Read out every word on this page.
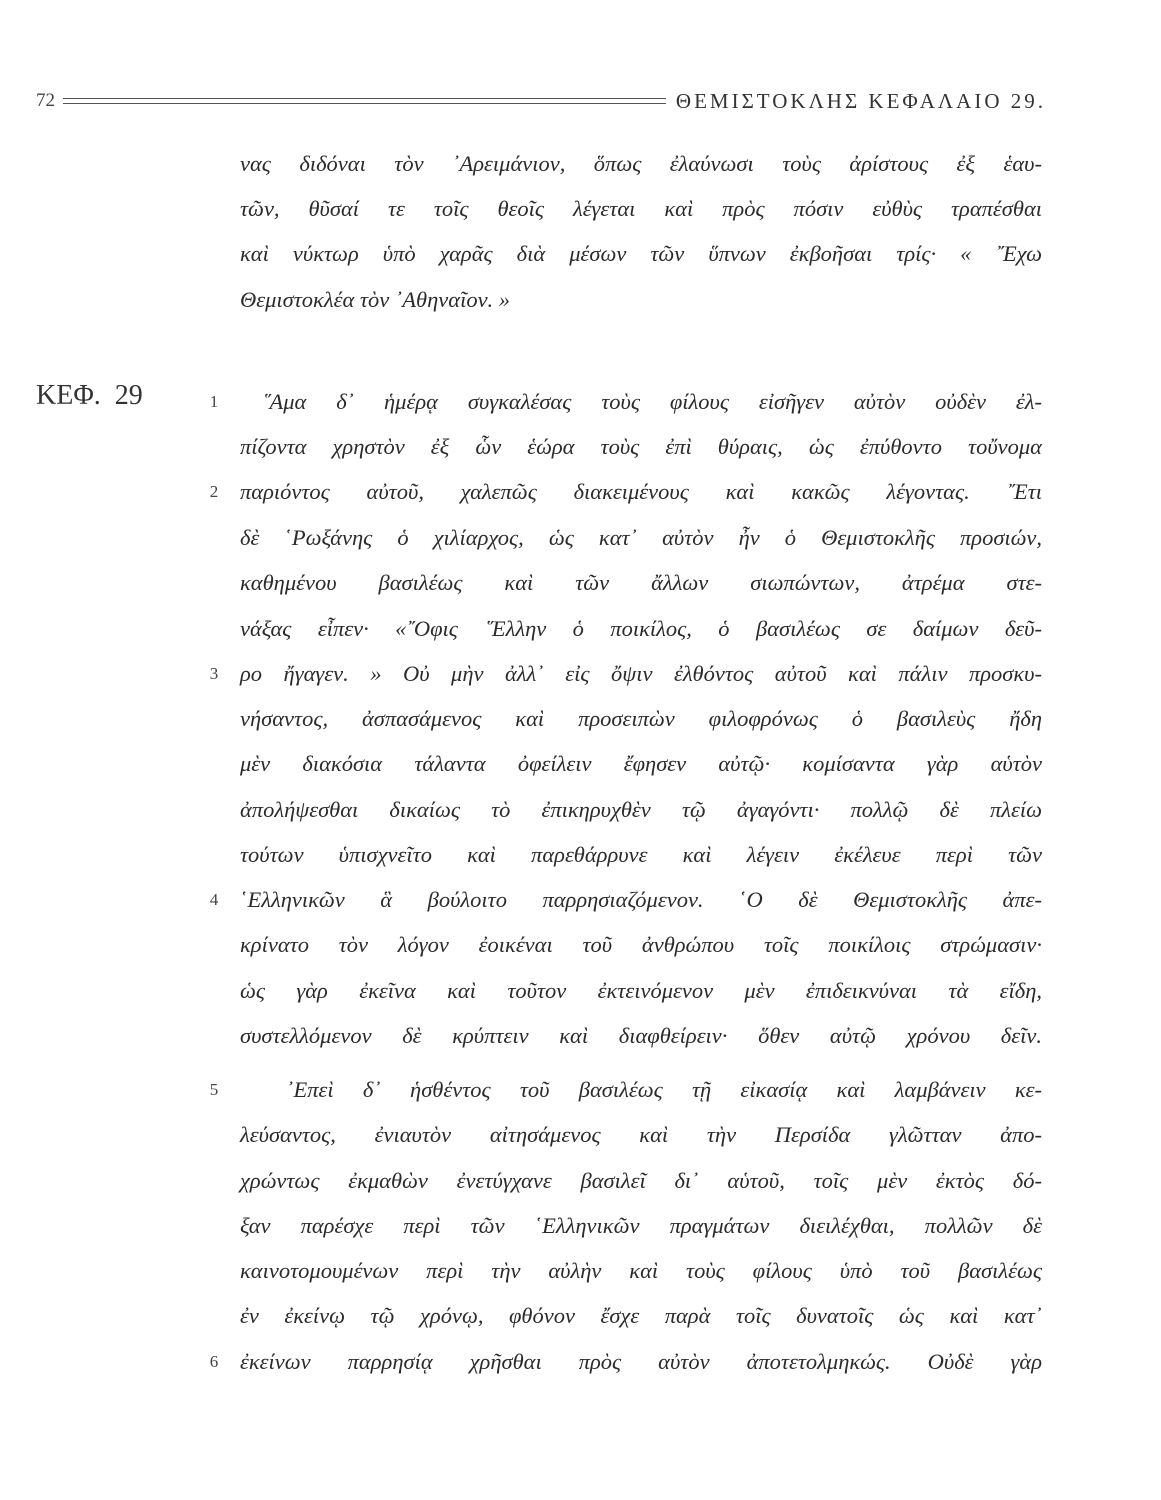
72	ΘΕΜΙΣΤΟΚΛΗΣ ΚΕΦΑΛΑΙΟ 29.
ΚΕΦ. 29	1
2
3
4
5
6
νας διδόναι τὸν ᾿Αρειμάνιον, ὅπως ἐλαύνωσι τοὺς ἀρίστους ἐξ ἑαυ-
τῶν, θῦσαί τε τοῖς θεοῖς λέγεται καὶ πρὸς πόσιν εὐθὺς τραπέσθαι
καὶ νύκτωρ ὑπὸ χαρᾶς διὰ μέσων τῶν ὕπνων ἐκβοῆσαι τρίς· « ῎Εχω
Θεμιστοκλέα τὸν ᾿Αθηναῖον. »
῞Αμα δ᾿ ἡμέρᾳ συγκαλέσας τοὺς φίλους εἰσῆγεν αὐτὸν οὐδὲν ἐλ-
πίζοντα χρηστὸν ἐξ ὧν ἑώρα τοὺς ἐπὶ θύραις, ὡς ἐπύθοντο τοὔνομα
παριόντος αὐτοῦ, χαλεπῶς διακειμένους καὶ κακῶς λέγοντας. ῎Ετι
δὲ ῾Ρωξάνης ὁ χιλίαρχος, ὡς κατ᾿ αὐτὸν ἦν ὁ Θεμιστοκλῆς προσιών,
καθημένου βασιλέως καὶ τῶν ἄλλων σιωπώντων, ἀτρέμα στε-
νάξας εἶπεν· «῎Οφις ῞Ελλην ὁ ποικίλος, ὁ βασιλέως σε δαίμων δεῦ-
ρο ἤγαγεν. » Οὐ μὴν ἀλλ᾿ εἰς ὄψιν ἐλθόντος αὐτοῦ καὶ πάλιν προσκυ-
νήσαντος, ἀσπασάμενος καὶ προσειπὼν φιλοφρόνως ὁ βασιλεὺς ἤδη
μὲν διακόσια τάλαντα ὀφείλειν ἔφησεν αὐτῷ· κομίσαντα γὰρ αὑτὸν
ἀπολήψεσθαι δικαίως τὸ ἐπικηρυχθὲν τῷ ἀγαγόντι· πολλῷ δὲ πλείω
τούτων ὑπισχνεῖτο καὶ παρεθάρρυνε καὶ λέγειν ἐκέλευε περὶ τῶν
῾Ελληνικῶν ἃ βούλοιτο παρρησιαζόμενον. ῾Ο δὲ Θεμιστοκλῆς ἀπε-
κρίνατο τὸν λόγον ἐοικέναι τοῦ ἀνθρώπου τοῖς ποικίλοις στρώμασιν·
ὡς γὰρ ἐκεῖνα καὶ τοῦτον ἐκτεινόμενον μὲν ἐπιδεικνύναι τὰ εἴδη,
συστελλόμενον δὲ κρύπτειν καὶ διαφθείρειν· ὅθεν αὐτῷ χρόνου δεῖν.
᾿Επεὶ δ᾿ ἡσθέντος τοῦ βασιλέως τῇ εἰκασίᾳ καὶ λαμβάνειν κε-
λεύσαντος, ἐνιαυτὸν αἰτησάμενος καὶ τὴν Περσίδα γλῶτταν ἀπο-
χρώντως ἐκμαθὼν ἐνετύγχανε βασιλεῖ δι᾿ αὑτοῦ, τοῖς μὲν ἐκτὸς δό-
ξαν παρέσχε περὶ τῶν ῾Ελληνικῶν πραγμάτων διειλέχθαι, πολλῶν δὲ
καινοτομουμένων περὶ τὴν αὐλὴν καὶ τοὺς φίλους ὑπὸ τοῦ βασιλέως
ἐν ἐκείνῳ τῷ χρόνῳ, φθόνον ἔσχε παρὰ τοῖς δυνατοῖς ὡς καὶ κατ᾿
ἐκείνων παρρησίᾳ χρῆσθαι πρὸς αὐτὸν ἀποτετολμηκώς. Οὐδὲ γὰρ
